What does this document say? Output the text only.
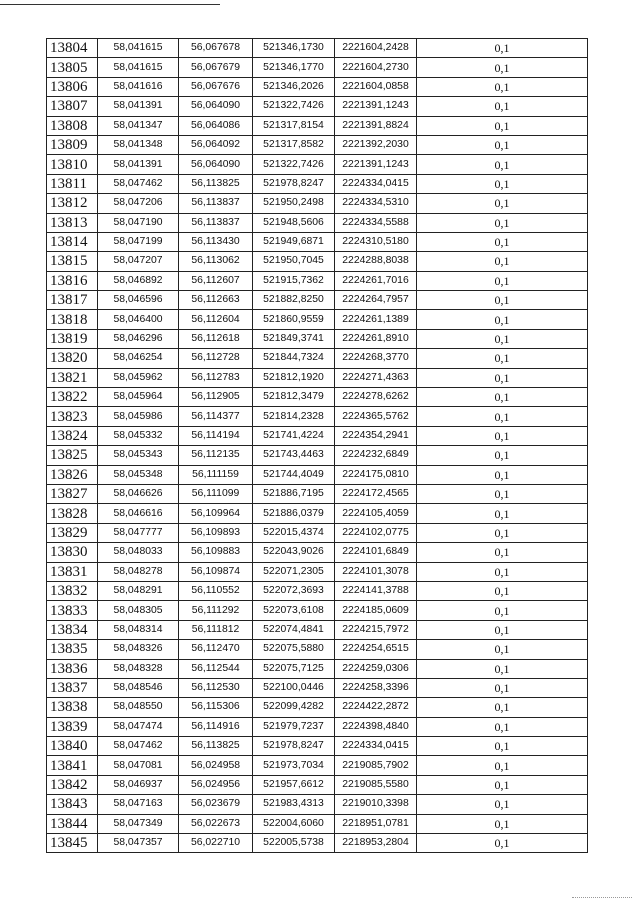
13804	58,041615	56,067678	521346,1730	2221604,2428	0,1
13805	58,041615	56,067679	521346,1770	2221604,2730	0,1
13806	58,041616	56,067676	521346,2026	2221604,0858	0,1
13807	58,041391	56,064090	521322,7426	2221391,1243	0,1
13808	58,041347	56,064086	521317,8154	2221391,8824	0,1
13809	58,041348	56,064092	521317,8582	2221392,2030	0,1
13810	58,041391	56,064090	521322,7426	2221391,1243	0,1
13811	58,047462	56,113825	521978,8247	2224334,0415	0,1
13812	58,047206	56,113837	521950,2498	2224334,5310	0,1
13813	58,047190	56,113837	521948,5606	2224334,5588	0,1
13814	58,047199	56,113430	521949,6871	2224310,5180	0,1
13815	58,047207	56,113062	521950,7045	2224288,8038	0,1
13816	58,046892	56,112607	521915,7362	2224261,7016	0,1
13817	58,046596	56,112663	521882,8250	2224264,7957	0,1
13818	58,046400	56,112604	521860,9559	2224261,1389	0,1
13819	58,046296	56,112618	521849,3741	2224261,8910	0,1
13820	58,046254	56,112728	521844,7324	2224268,3770	0,1
13821	58,045962	56,112783	521812,1920	2224271,4363	0,1
13822	58,045964	56,112905	521812,3479	2224278,6262	0,1
13823	58,045986	56,114377	521814,2328	2224365,5762	0,1
13824	58,045332	56,114194	521741,4224	2224354,2941	0,1
13825	58,045343	56,112135	521743,4463	2224232,6849	0,1
13826	58,045348	56,111159	521744,4049	2224175,0810	0,1
13827	58,046626	56,111099	521886,7195	2224172,4565	0,1
13828	58,046616	56,109964	521886,0379	2224105,4059	0,1
13829	58,047777	56,109893	522015,4374	2224102,0775	0,1
13830	58,048033	56,109883	522043,9026	2224101,6849	0,1
13831	58,048278	56,109874	522071,2305	2224101,3078	0,1
13832	58,048291	56,110552	522072,3693	2224141,3788	0,1
13833	58,048305	56,111292	522073,6108	2224185,0609	0,1
13834	58,048314	56,111812	522074,4841	2224215,7972	0,1
13835	58,048326	56,112470	522075,5880	2224254,6515	0,1
13836	58,048328	56,112544	522075,7125	2224259,0306	0,1
13837	58,048546	56,112530	522100,0446	2224258,3396	0,1
13838	58,048550	56,115306	522099,4282	2224422,2872	0,1
13839	58,047474	56,114916	521979,7237	2224398,4840	0,1
13840	58,047462	56,113825	521978,8247	2224334,0415	0,1
13841	58,047081	56,024958	521973,7034	2219085,7902	0,1
13842	58,046937	56,024956	521957,6612	2219085,5580	0,1
13843	58,047163	56,023679	521983,4313	2219010,3398	0,1
13844	58,047349	56,022673	522004,6060	2218951,0781	0,1
13845	58,047357	56,022710	522005,5738	2218953,2804	0,1
